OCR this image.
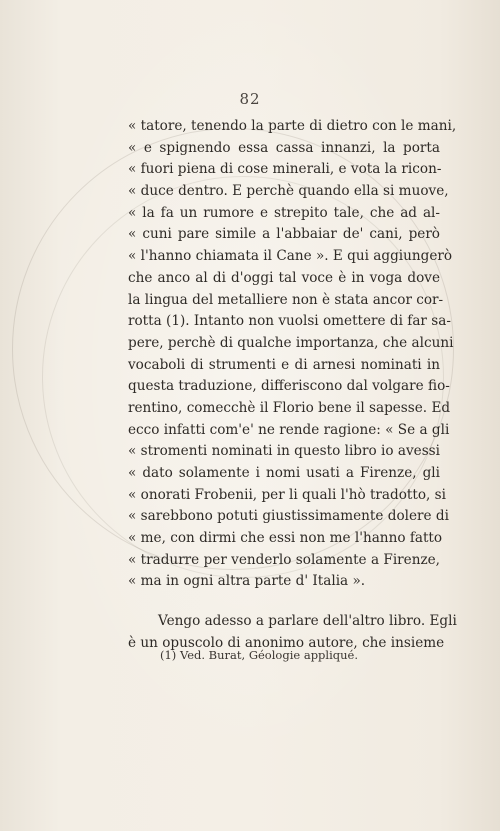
82
« tatore, tenendo la parte di dietro con le mani,
« e spignendo essa cassa innanzi, la porta
« fuori piena di cose minerali, e vota la ricon-
« duce dentro. E perchè quando ella si muove,
« la fa un rumore e strepito tale, che ad al-
« cuni pare simile a l'abbaiar de' cani, però
« l'hanno chiamata il Cane ». E qui aggiungerò
che anco al di d'oggi tal voce è in voga dove
la lingua del metalliere non è stata ancor cor-
rotta (1). Intanto non vuolsi omettere di far sa-
pere, perchè di qualche importanza, che alcuni
vocaboli di strumenti e di arnesi nominati in
questa traduzione, differiscono dal volgare fio-
rentino, comecchè il Florio bene il sapesse. Ed
ecco infatti com'e' ne rende ragione: « Se a gli
« stromenti nominati in questo libro io avessi
« dato solamente i nomi usati a Firenze, gli
« onorati Frobenii, per li quali l'hò tradotto, si
« sarebbono potuti giustissimamente dolere di
« me, con dirmi che essi non me l'hanno fatto
« tradurre per venderlo solamente a Firenze,
« ma in ogni altra parte d' Italia ».
Vengo adesso a parlare dell'altro libro. Egli
è un opuscolo di anonimo autore, che insieme
(1) Ved. Burat, Géologie appliqué.
